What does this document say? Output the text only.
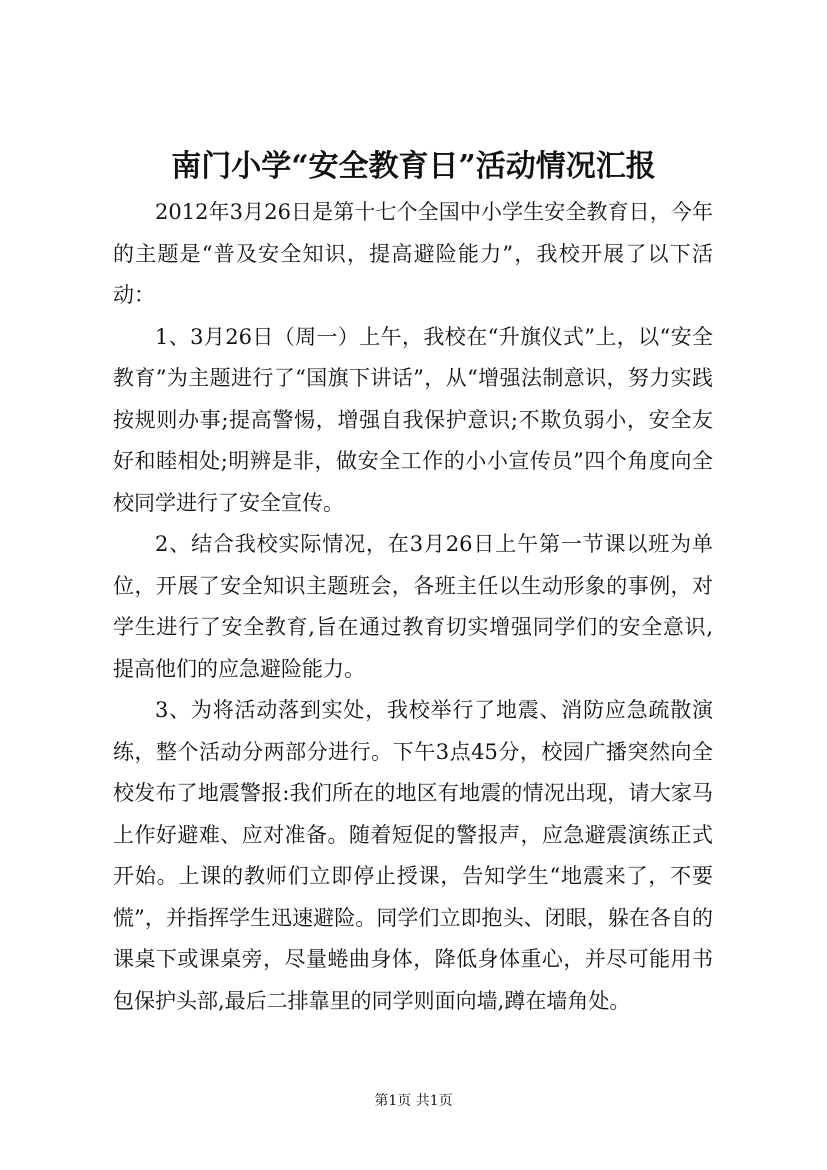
南门小学“安全教育日”活动情况汇报

2012年3月26日是第十七个全国中小学生安全教育日，今年的主题是“普及安全知识，提高避险能力”，我校开展了以下活动：

1、3月26日（周一）上午，我校在“升旗仪式”上，以“安全教育”为主题进行了“国旗下讲话”，从“增强法制意识，努力实践按规则办事;提高警惕，增强自我保护意识;不欺负弱小，安全友好和睦相处;明辨是非，做安全工作的小小宣传员”四个角度向全校同学进行了安全宣传。

2、结合我校实际情况，在3月26日上午第一节课以班为单位，开展了安全知识主题班会，各班主任以生动形象的事例，对学生进行了安全教育,旨在通过教育切实增强同学们的安全意识,提高他们的应急避险能力。

3、为将活动落到实处，我校举行了地震、消防应急疏散演练，整个活动分两部分进行。下午3点45分，校园广播突然向全校发布了地震警报:我们所在的地区有地震的情况出现，请大家马上作好避难、应对准备。随着短促的警报声，应急避震演练正式开始。上课的教师们立即停止授课，告知学生“地震来了，不要慌”，并指挥学生迅速避险。同学们立即抱头、闭眼，躲在各自的课桌下或课桌旁，尽量蜷曲身体，降低身体重心，并尽可能用书包保护头部,最后二排靠里的同学则面向墙,蹲在墙角处。

第1页 共1页
